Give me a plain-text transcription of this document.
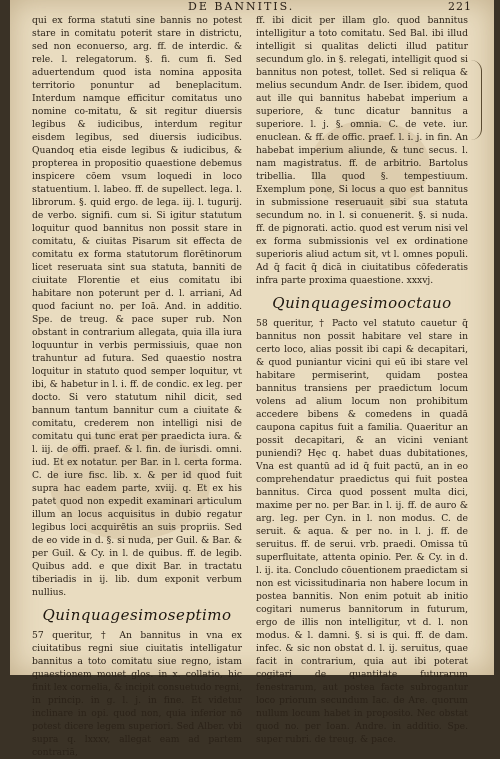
DE BANNITIS.	221

qui ex forma statuti sine bannis no potest stare in comitatu poterit stare in districtu, sed non econuerso, arg. ff. de interdic. & rele. l. relegatorum. §. fi. cum fi. Sed aduertendum quod ista nomina apposita territorio ponuntur ad beneplacitum. Interdum namque efficitur comitatus uno nomine co-mitatu, & sit regitur diuersis legibus & iudicibus, interdum regitur eisdem legibus, sed diuersis iudicibus. Quandoq etia eisde legibus & iudicibus, & propterea in propositio quaestione debemus inspicere cōem vsum loquedi in loco statuentium. l. labeo. ff. de supellect. lega. l. librorum. §. quid ergo. de lega. iij. l. tugurij. de verbo. signifi. cum si. Si igitur statutum loquitur quod bannitus non possit stare in comitatu, & ciuitas Pisarum sit effecta de comitatu ex forma statutorum florētinorum licet reseruata sint sua statuta, banniti de ciuitate Florentie et eius comitatu ibi habitare non poterunt per d. l. arriani, Ad quod faciunt no. per Ioā. And. in additio. Spe. de treug. & pace super rub. Non obstant in contrarium allegata, quia illa iura loquuntur in verbis permissiuis, quae non trahuntur ad futura. Sed quaestio nostra loquitur in statuto quod semper loquitur, vt ibi, & habetur in l. i. ff. de condic. ex leg. per docto. Si vero statutum nihil dicit, sed bannum tantum bannitur cum a ciuitate & comitatu, crederem non intelligi nisi de comitatu qui tunc erat per praedicta iura. & l. iij. de offi. praef. & l. fin. de iurisdi. omni. iud. Et ex notatur. per Bar. in l. certa forma. C. de iure fisc. lib. x. & per id quod fuit supra hac eadem parte, xviij. q. Et ex his patet quod non expedit examinari articulum illum an locus acquisitus in dubio regatur legibus loci acquirētis an suis propriis. Sed de eo vide in d. §. si nuda, per Guil. & Bar. & per Guil. & Cy. in l. de quibus. ff. de legib. Quibus add. e que dixit Bar. in tractatu tiberiadis in ij. lib. dum exponit verbum nullius.

Quinquagesimoseptimo

57 queritur, † An bannitus in vna ex ciuitatibus regni siue ciuitatis intelligatur bannitus a toto comitatu siue regno, istam quaestionem mouet glos. in x. collatio, hic finit lex cornelia, & incipit consuetudo regni, in princip. in g. l. j. in fine. Et videtur inclinare in opi. quod non, quia inferior nō potest dicere legem superiori. Sed Alber. vbi supra q. lxxxv, allegat eam ad partem contrariā,

ff. ibi dicit per illam glo. quod bannitus intelligitur a toto comitatu. Sed Bal. ibi illud intelligit si qualitas delicti illud patitur secundum glo. in §. relegati, intelligit quod si bannitus non potest, tollet. Sed si reliqua & melius secundum Andr. de Iser. ibidem, quod aut ille qui bannitus habebat imperium a superiore, & tunc dicatur bannitus a superiore. l. j. §. omnia. C. de vete. iur. enuclean. & ff. de offic. praef. l. i. j. in fin. An habebat imperium aliunde, & tunc secus. l. nam magistratus. ff. de arbitrio. Bartolus tribellia. Illa quod §. tempestiuum. Exemplum pone, Si locus a quo est bannitus in submissione reseruauit sibi sua statuta secundum no. in l. si conuenerit. §. si nuda. ff. de pignorati. actio. quod est verum nisi vel ex forma submissionis vel ex ordinatione superioris aliud actum sit, vt l. omnes populi. Ad q̄ facit q̄ dicā in ciuitatibus cōfederatis infra parte proxima quaestione. xxxvj.

Quinquagesimooctauo

58 queritur, † Pacto vel statuto cauetur q̄ bannitus non possit habitare vel stare in certo loco, alias possit ibi capi & decapitari, & quod puniantur vicini qui eū ibi stare vel habitare permiserint, quidam postea bannitus transiens per praedictum locum volens ad alium locum non prohibitum accedere bibens & comedens in quadā caupona capitus fuit a familia. Quaeritur an possit decapitari, & an vicini veniant puniendi? Hęc q. habet duas dubitationes, Vna est quantū ad id q̄ fuit pactū, an in eo comprehendatur praedictus qui fuit postea bannitus. Circa quod possent multa dici, maxime per no. per Bar. in l. ij. ff. de auro & arg. leg. per Cyn. in l. non modus. C. de seruit. & aqua. & per no. in l. j. ff. de seruitus. ff. de serui. vrb. praedi. Omissa tū superfluitate, attenta opinio. Per. & Cy. in d. l. ij. ita. Concludo cōuentionem praedictam si non est vicissitudinaria non habere locum in postea bannitis. Non enim potuit ab initio cogitari numerus bannitorum in futurum, ergo de illis non intelligitur, vt d. l. non modus. & l. damni. §. si is qui. ff. de dam. infec. & sic non obstat d. l. ij. seruitus, quae facit in contrarium, quia aut ibi poterat cogitari de quantitate futurarum fenestrarum, aut postea facte subrogantur loco priorum secundum Iac. de Are. quorum nullum locum habet in proposito. Nec obstat quod no. per Ioan. Andre. in additio. Spe. super rubri. de treug. & pace.
